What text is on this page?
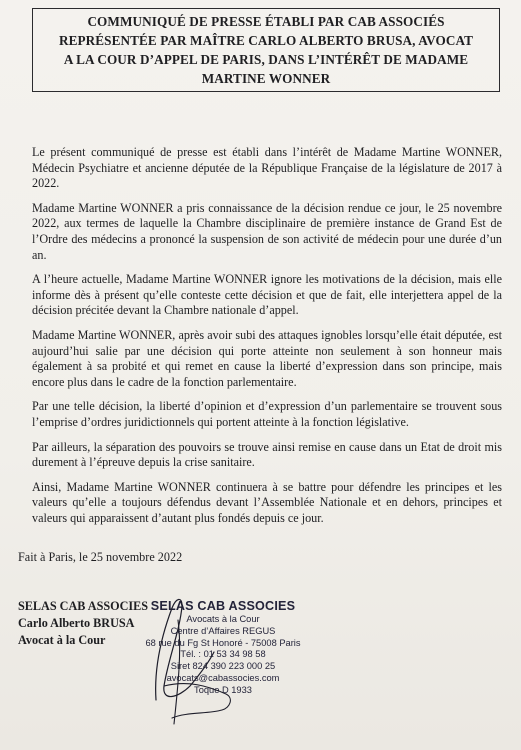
COMMUNIQUÉ DE PRESSE ÉTABLI PAR CAB ASSOCIÉS
REPRÉSENTÉE PAR MAÎTRE CARLO ALBERTO BRUSA, AVOCAT
A LA COUR D’APPEL DE PARIS, DANS L’INTÉRÊT DE MADAME
MARTINE WONNER

Le présent communiqué de presse est établi dans l’intérêt de Madame Martine WONNER, Médecin Psychiatre et ancienne députée de la République Française de la législature de 2017 à 2022.

Madame Martine WONNER a pris connaissance de la décision rendue ce jour, le 25 novembre 2022, aux termes de laquelle la Chambre disciplinaire de première instance de Grand Est de l’Ordre des médecins a prononcé la suspension de son activité de médecin pour une durée d’un an.

A l’heure actuelle, Madame Martine WONNER ignore les motivations de la décision, mais elle informe dès à présent qu’elle conteste cette décision et que de fait, elle interjettera appel de la décision précitée devant la Chambre nationale d’appel.

Madame Martine WONNER, après avoir subi des attaques ignobles lorsqu’elle était députée, est aujourd’hui salie par une décision qui porte atteinte non seulement à son honneur mais également à sa probité et qui remet en cause la liberté d’expression dans son principe, mais encore plus dans le cadre de la fonction parlementaire.

Par une telle décision, la liberté d’opinion et d’expression d’un parlementaire se trouvent sous l’emprise d’ordres juridictionnels qui portent atteinte à la fonction législative.

Par ailleurs, la séparation des pouvoirs se trouve ainsi remise en cause dans un Etat de droit mis durement à l’épreuve depuis la crise sanitaire.

Ainsi, Madame Martine WONNER continuera à se battre pour défendre les principes et les valeurs qu’elle a toujours défendus devant l’Assemblée Nationale et en dehors, principes et valeurs qui apparaissent d’autant plus fondés depuis ce jour.

Fait à Paris, le 25 novembre 2022
SELAS CAB ASSOCIES
Carlo Alberto BRUSA
Avocat à la Cour
SELAS CAB ASSOCIES
Avocats à la Cour
Centre d’Affaires REGUS
68 rue du Fg St Honoré - 75008 Paris
Tél. : 01 53 34 98 58
Siret 824 390 223 000 25
avocats@cabassocies.com
Toque D 1933
